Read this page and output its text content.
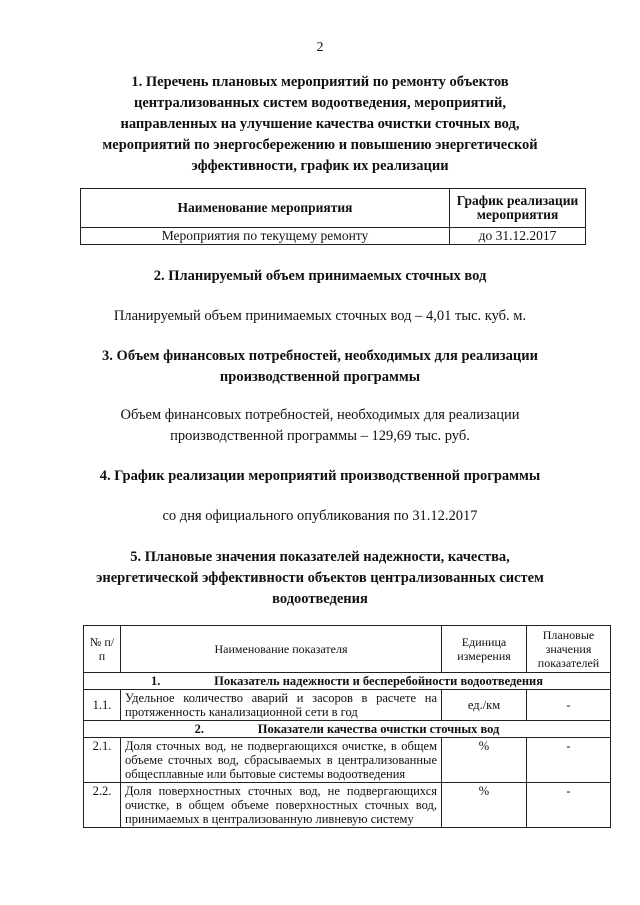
2
1. Перечень плановых мероприятий по ремонту объектов
централизованных систем водоотведения, мероприятий,
направленных на улучшение качества очистки сточных вод,
мероприятий по энергосбережению и повышению энергетической
эффективности, график их реализации
Наименование мероприятия	График реализации мероприятия
Мероприятия по текущему ремонту	до 31.12.2017
2. Планируемый объем принимаемых сточных вод
Планируемый объем принимаемых сточных вод – 4,01 тыс. куб. м.
3. Объем финансовых потребностей, необходимых для реализации
производственной программы
Объем финансовых потребностей, необходимых для реализации
производственной программы – 129,69 тыс. руб.
4. График реализации мероприятий производственной программы
со дня официального опубликования по 31.12.2017
5. Плановые значения показателей надежности, качества,
энергетической эффективности объектов централизованных систем
водоотведения
№ п/п	Наименование показателя	Единица измерения	Плановые значения показателей
1. Показатель надежности и бесперебойности водоотведения			
1.1.	Удельное количество аварий и засоров в расчете на протяженность канализационной сети в год	ед./км	-
2. Показатели качества очистки сточных вод			
2.1.	Доля сточных вод, не подвергающихся очистке, в общем объеме сточных вод, сбрасываемых в централизованные общесплавные или бытовые системы водоотведения	%	-
2.2.	Доля поверхностных сточных вод, не подвергающихся очистке, в общем объеме поверхностных сточных вод, принимаемых в централизованную ливневую систему	%	-
